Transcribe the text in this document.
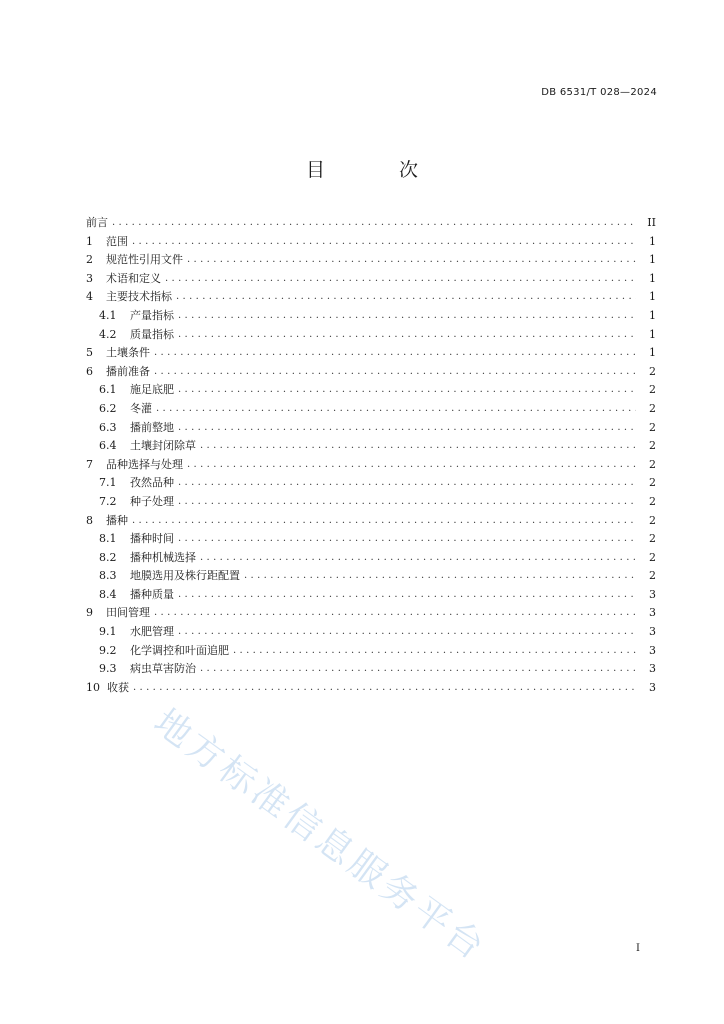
DB 6531/T 028—2024
目 次
前言 . . .	II
1	范围 . . .	1
2	规范性引用文件 . . .	1
3	术语和定义 . . .	1
4	主要技术指标 . . .	1
4.1	产量指标 . . .	1
4.2	质量指标 . . .	1
5	土壤条件 . . .	1
6	播前准备 . . .	2
6.1	施足底肥 . . .	2
6.2	冬灌 . . .	2
6.3	播前整地 . . .	2
6.4	土壤封闭除草 . . .	2
7	品种选择与处理 . . .	2
7.1	孜然品种 . . .	2
7.2	种子处理 . . .	2
8	播种 . . .	2
8.1	播种时间 . . .	2
8.2	播种机械选择 . . .	2
8.3	地膜选用及株行距配置 . . .	2
8.4	播种质量 . . .	3
9	田间管理 . . .	3
9.1	水肥管理 . . .	3
9.2	化学调控和叶面追肥 . . .	3
9.3	病虫草害防治 . . .	3
10 收获 . . .	3
I
地方标准信息服务平台
